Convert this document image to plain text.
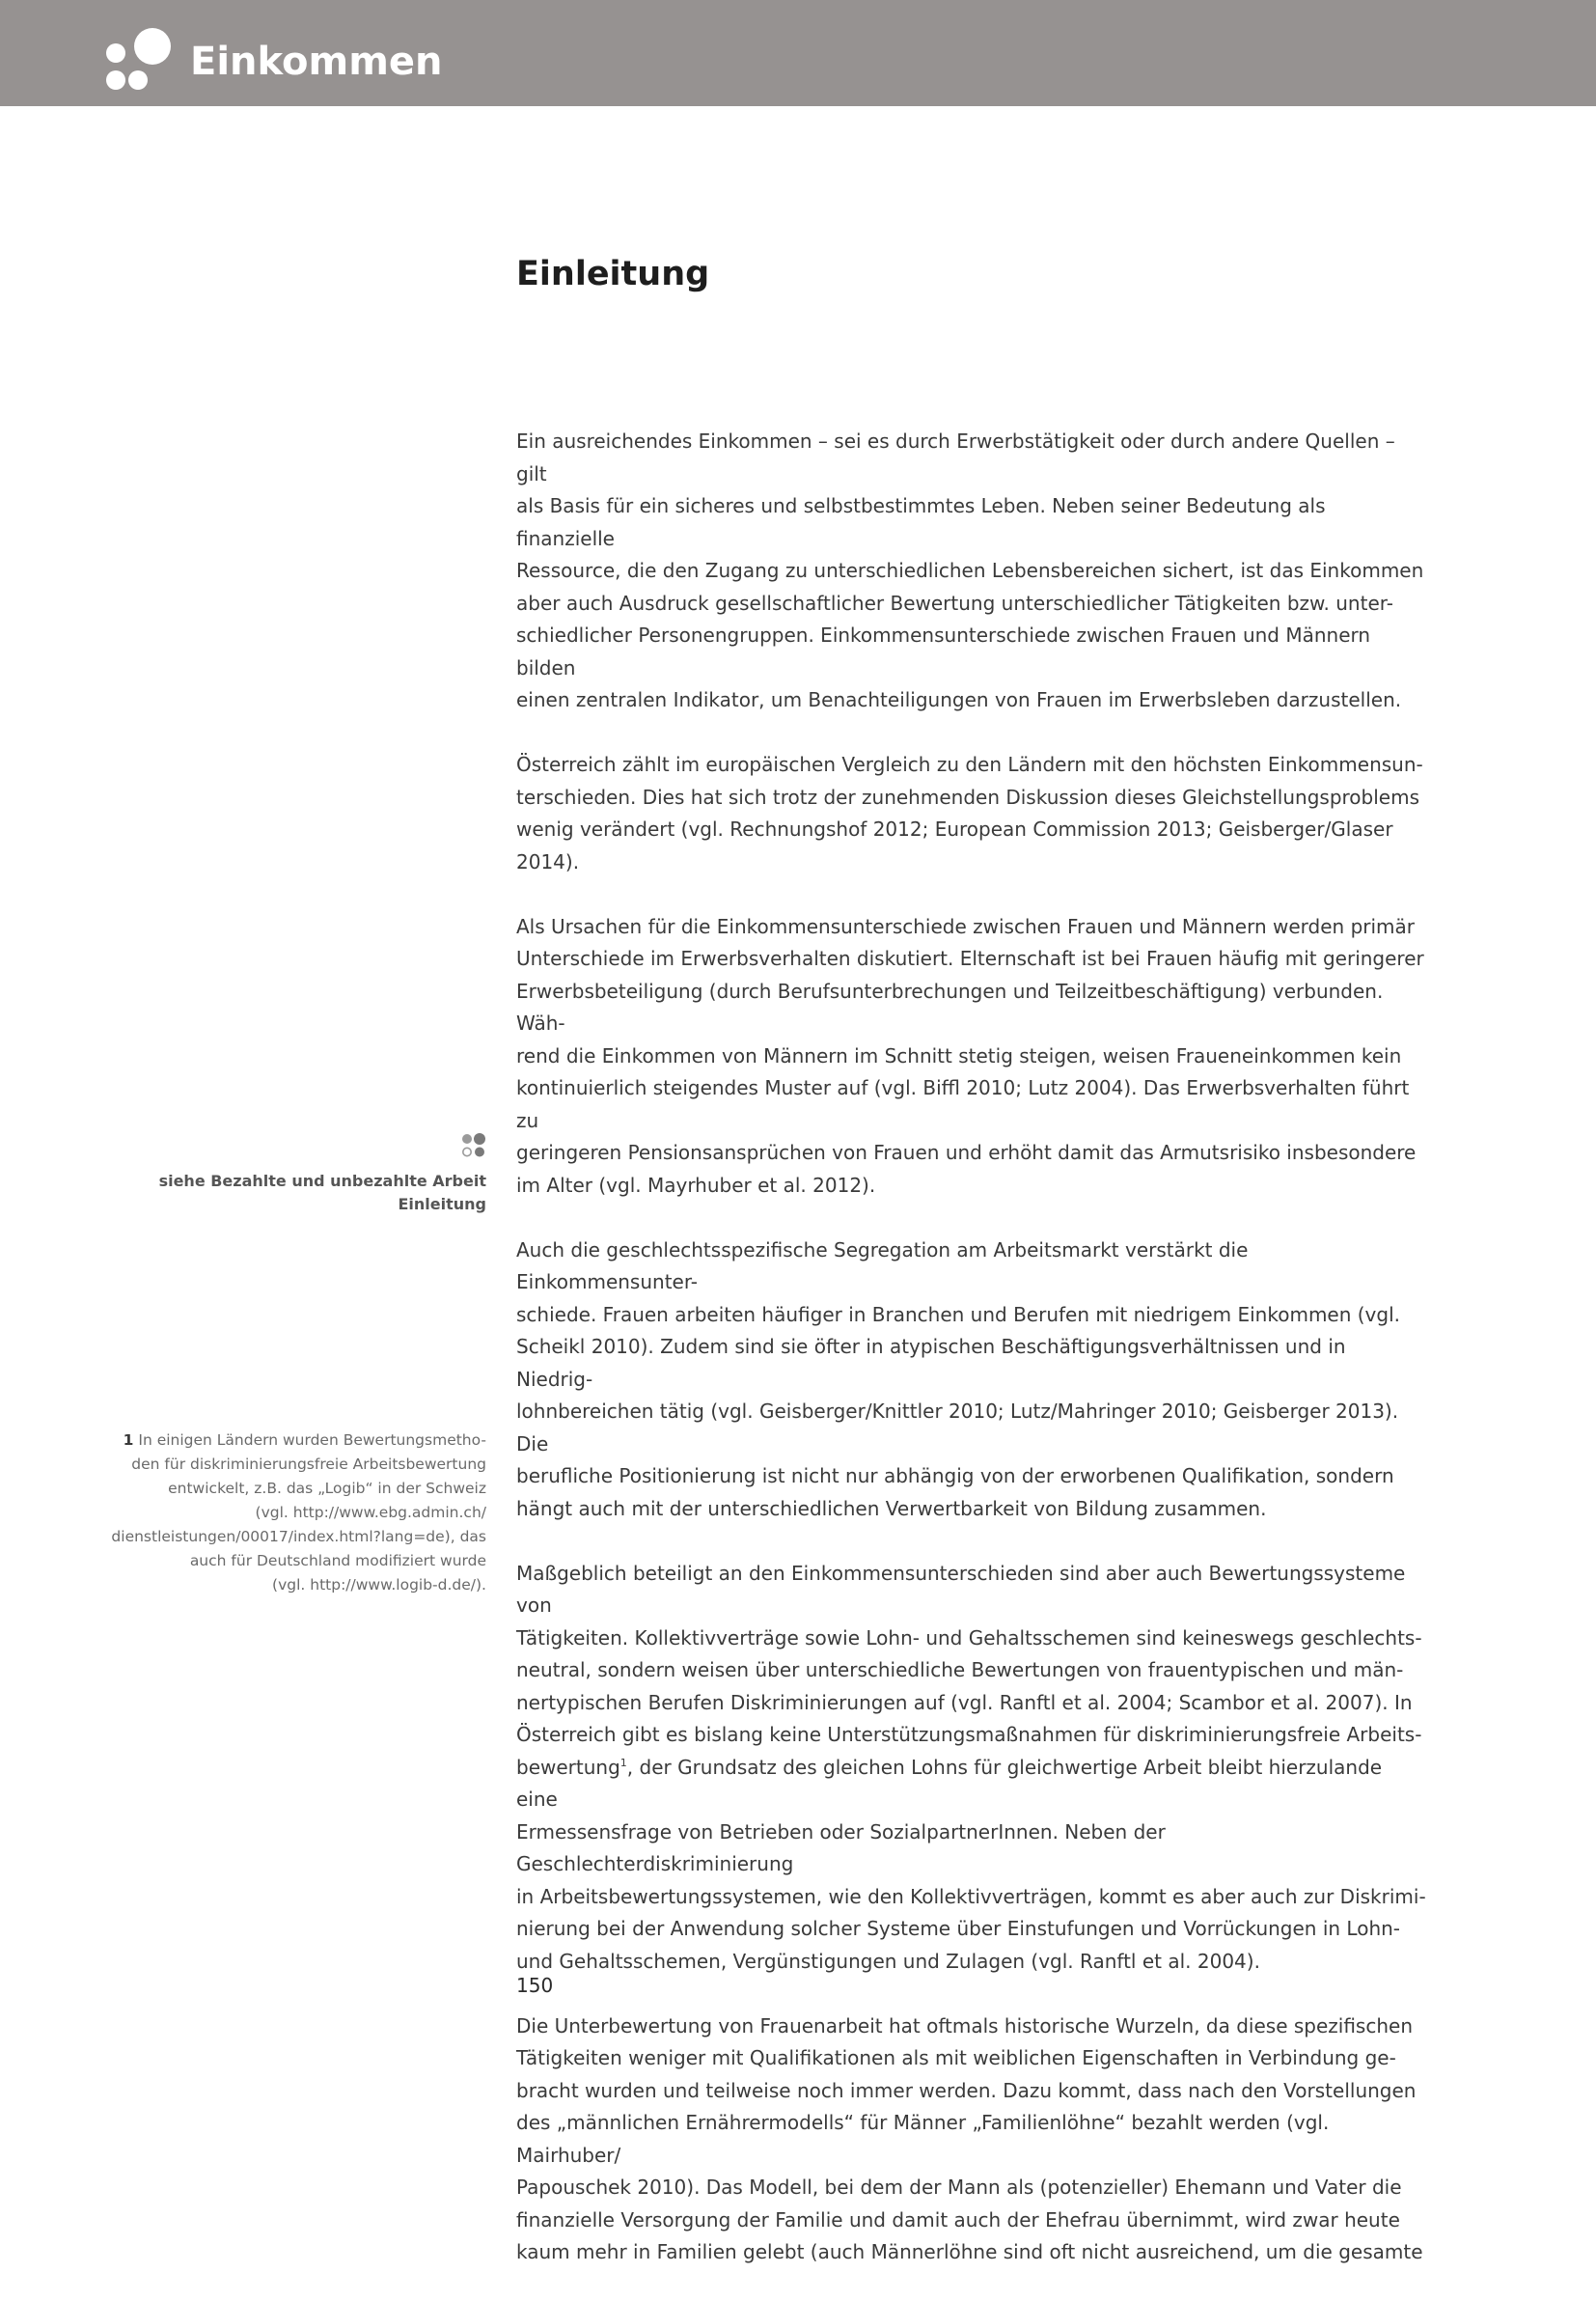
Einkommen
Einleitung

Ein ausreichendes Einkommen – sei es durch Erwerbstätigkeit oder durch andere Quellen – gilt
als Basis für ein sicheres und selbstbestimmtes Leben. Neben seiner Bedeutung als finanzielle
Ressource, die den Zugang zu unterschiedlichen Lebensbereichen sichert, ist das Einkommen
aber auch Ausdruck gesellschaftlicher Bewertung unterschiedlicher Tätigkeiten bzw. unter-
schiedlicher Personengruppen. Einkommensunterschiede zwischen Frauen und Männern bilden
einen zentralen Indikator, um Benachteiligungen von Frauen im Erwerbsleben darzustellen.

Österreich zählt im europäischen Vergleich zu den Ländern mit den höchsten Einkommensun-
terschieden. Dies hat sich trotz der zunehmenden Diskussion dieses Gleichstellungsproblems
wenig verändert (vgl. Rechnungshof 2012; European Commission 2013; Geisberger/Glaser 2014).

Als Ursachen für die Einkommensunterschiede zwischen Frauen und Männern werden primär
Unterschiede im Erwerbsverhalten diskutiert. Elternschaft ist bei Frauen häufig mit geringerer
Erwerbsbeteiligung (durch Berufsunterbrechungen und Teilzeitbeschäftigung) verbunden. Wäh-
rend die Einkommen von Männern im Schnitt stetig steigen, weisen Fraueneinkommen kein
kontinuierlich steigendes Muster auf (vgl. Biffl 2010; Lutz 2004). Das Erwerbsverhalten führt zu
geringeren Pensionsansprüchen von Frauen und erhöht damit das Armutsrisiko insbesondere
im Alter (vgl. Mayrhuber et al. 2012).

Auch die geschlechtsspezifische Segregation am Arbeitsmarkt verstärkt die Einkommensunter-
schiede. Frauen arbeiten häufiger in Branchen und Berufen mit niedrigem Einkommen (vgl.
Scheikl 2010). Zudem sind sie öfter in atypischen Beschäftigungsverhältnissen und in Niedrig-
lohnbereichen tätig (vgl. Geisberger/Knittler 2010; Lutz/Mahringer 2010; Geisberger 2013). Die
berufliche Positionierung ist nicht nur abhängig von der erworbenen Qualifikation, sondern
hängt auch mit der unterschiedlichen Verwertbarkeit von Bildung zusammen.

Maßgeblich beteiligt an den Einkommensunterschieden sind aber auch Bewertungssysteme von
Tätigkeiten. Kollektivverträge sowie Lohn- und Gehaltsschemen sind keineswegs geschlechts-
neutral, sondern weisen über unterschiedliche Bewertungen von frauentypischen und män-
nertypischen Berufen Diskriminierungen auf (vgl. Ranftl et al. 2004; Scambor et al. 2007). In
Österreich gibt es bislang keine Unterstützungsmaßnahmen für diskriminierungsfreie Arbeits-
bewertung$^1$, der Grundsatz des gleichen Lohns für gleichwertige Arbeit bleibt hierzulande eine
Ermessensfrage von Betrieben oder SozialpartnerInnen. Neben der Geschlechterdiskriminierung
in Arbeitsbewertungssystemen, wie den Kollektivverträgen, kommt es aber auch zur Diskrimi-
nierung bei der Anwendung solcher Systeme über Einstufungen und Vorrückungen in Lohn-
und Gehaltsschemen, Vergünstigungen und Zulagen (vgl. Ranftl et al. 2004).

Die Unterbewertung von Frauenarbeit hat oftmals historische Wurzeln, da diese spezifischen
Tätigkeiten weniger mit Qualifikationen als mit weiblichen Eigenschaften in Verbindung ge-
bracht wurden und teilweise noch immer werden. Dazu kommt, dass nach den Vorstellungen
des „männlichen Ernährermodells“ für Männer „Familienlöhne“ bezahlt werden (vgl. Mairhuber/
Papouschek 2010). Das Modell, bei dem der Mann als (potenzieller) Ehemann und Vater die
finanzielle Versorgung der Familie und damit auch der Ehefrau übernimmt, wird zwar heute
kaum mehr in Familien gelebt (auch Männerlöhne sind oft nicht ausreichend, um die gesamte

siehe Bezahlte und unbezahlte Arbeit
Einleitung
1 In einigen Ländern wurden Bewertungsmetho-
den für diskriminierungsfreie Arbeitsbewertung
entwickelt, z.B. das „Logib“ in der Schweiz
(vgl. http://www.ebg.admin.ch/
dienstleistungen/00017/index.html?lang=de), das
auch für Deutschland modifiziert wurde
(vgl. http://www.logib-d.de/).
150
